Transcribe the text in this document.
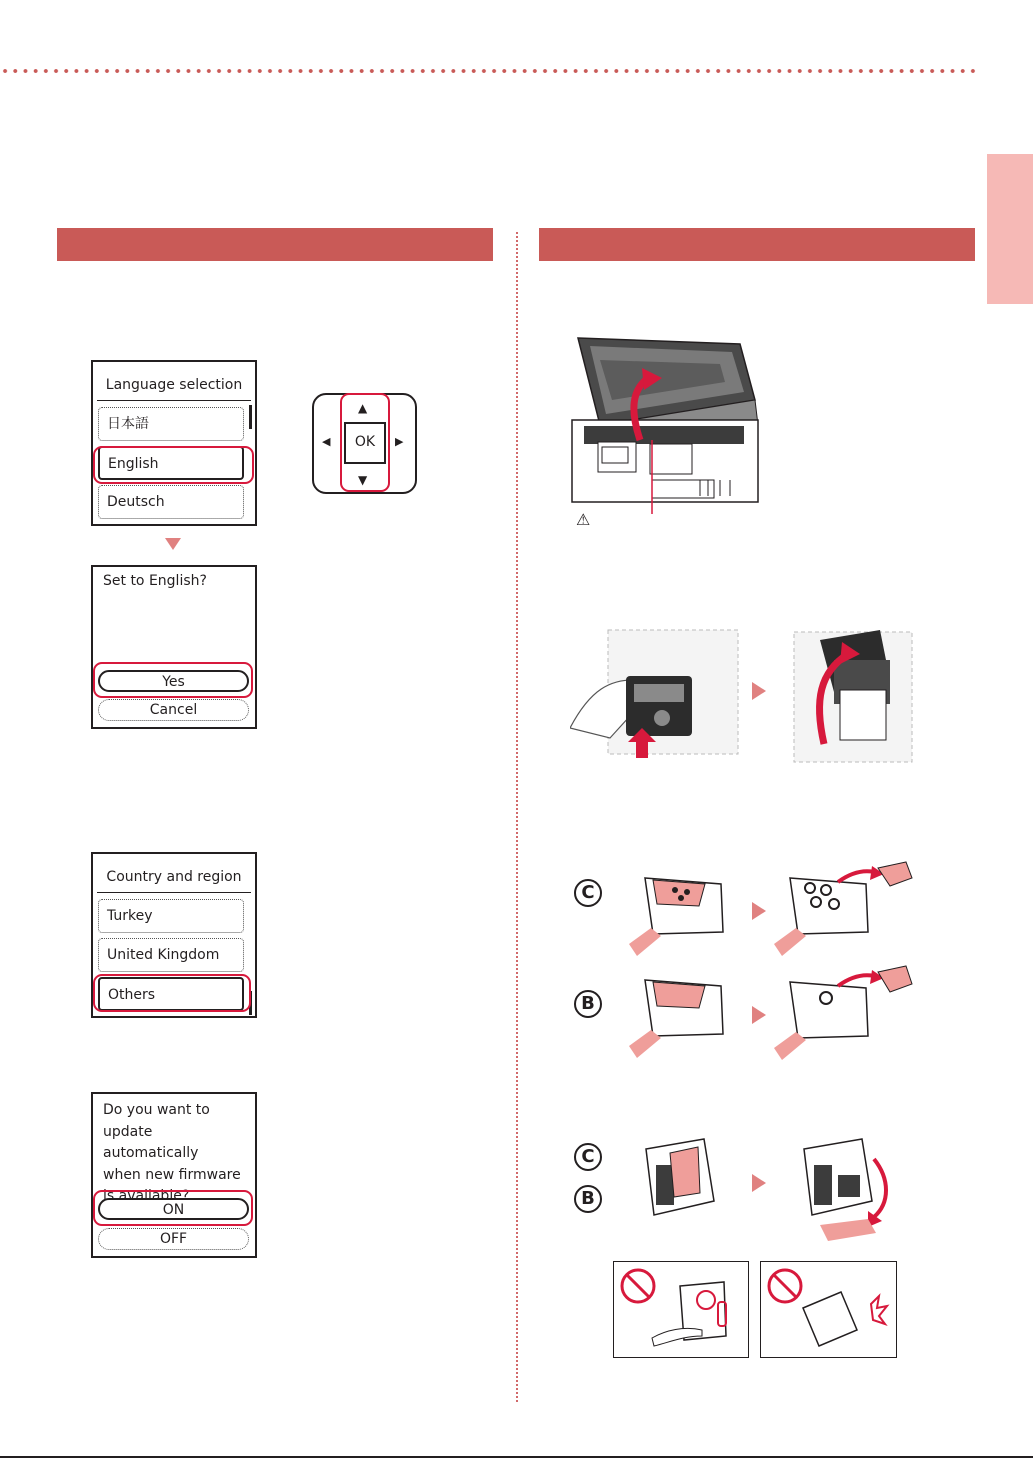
Language selection
日本語
English
Deutsch
OK
▲
▼
◀	▶
Set to English?
Yes
Cancel
Country and region
Turkey
United Kingdom
Others
Do you want to
update automatically
when new firmware
is available?
ON
OFF
⚠
C
B
C
B
